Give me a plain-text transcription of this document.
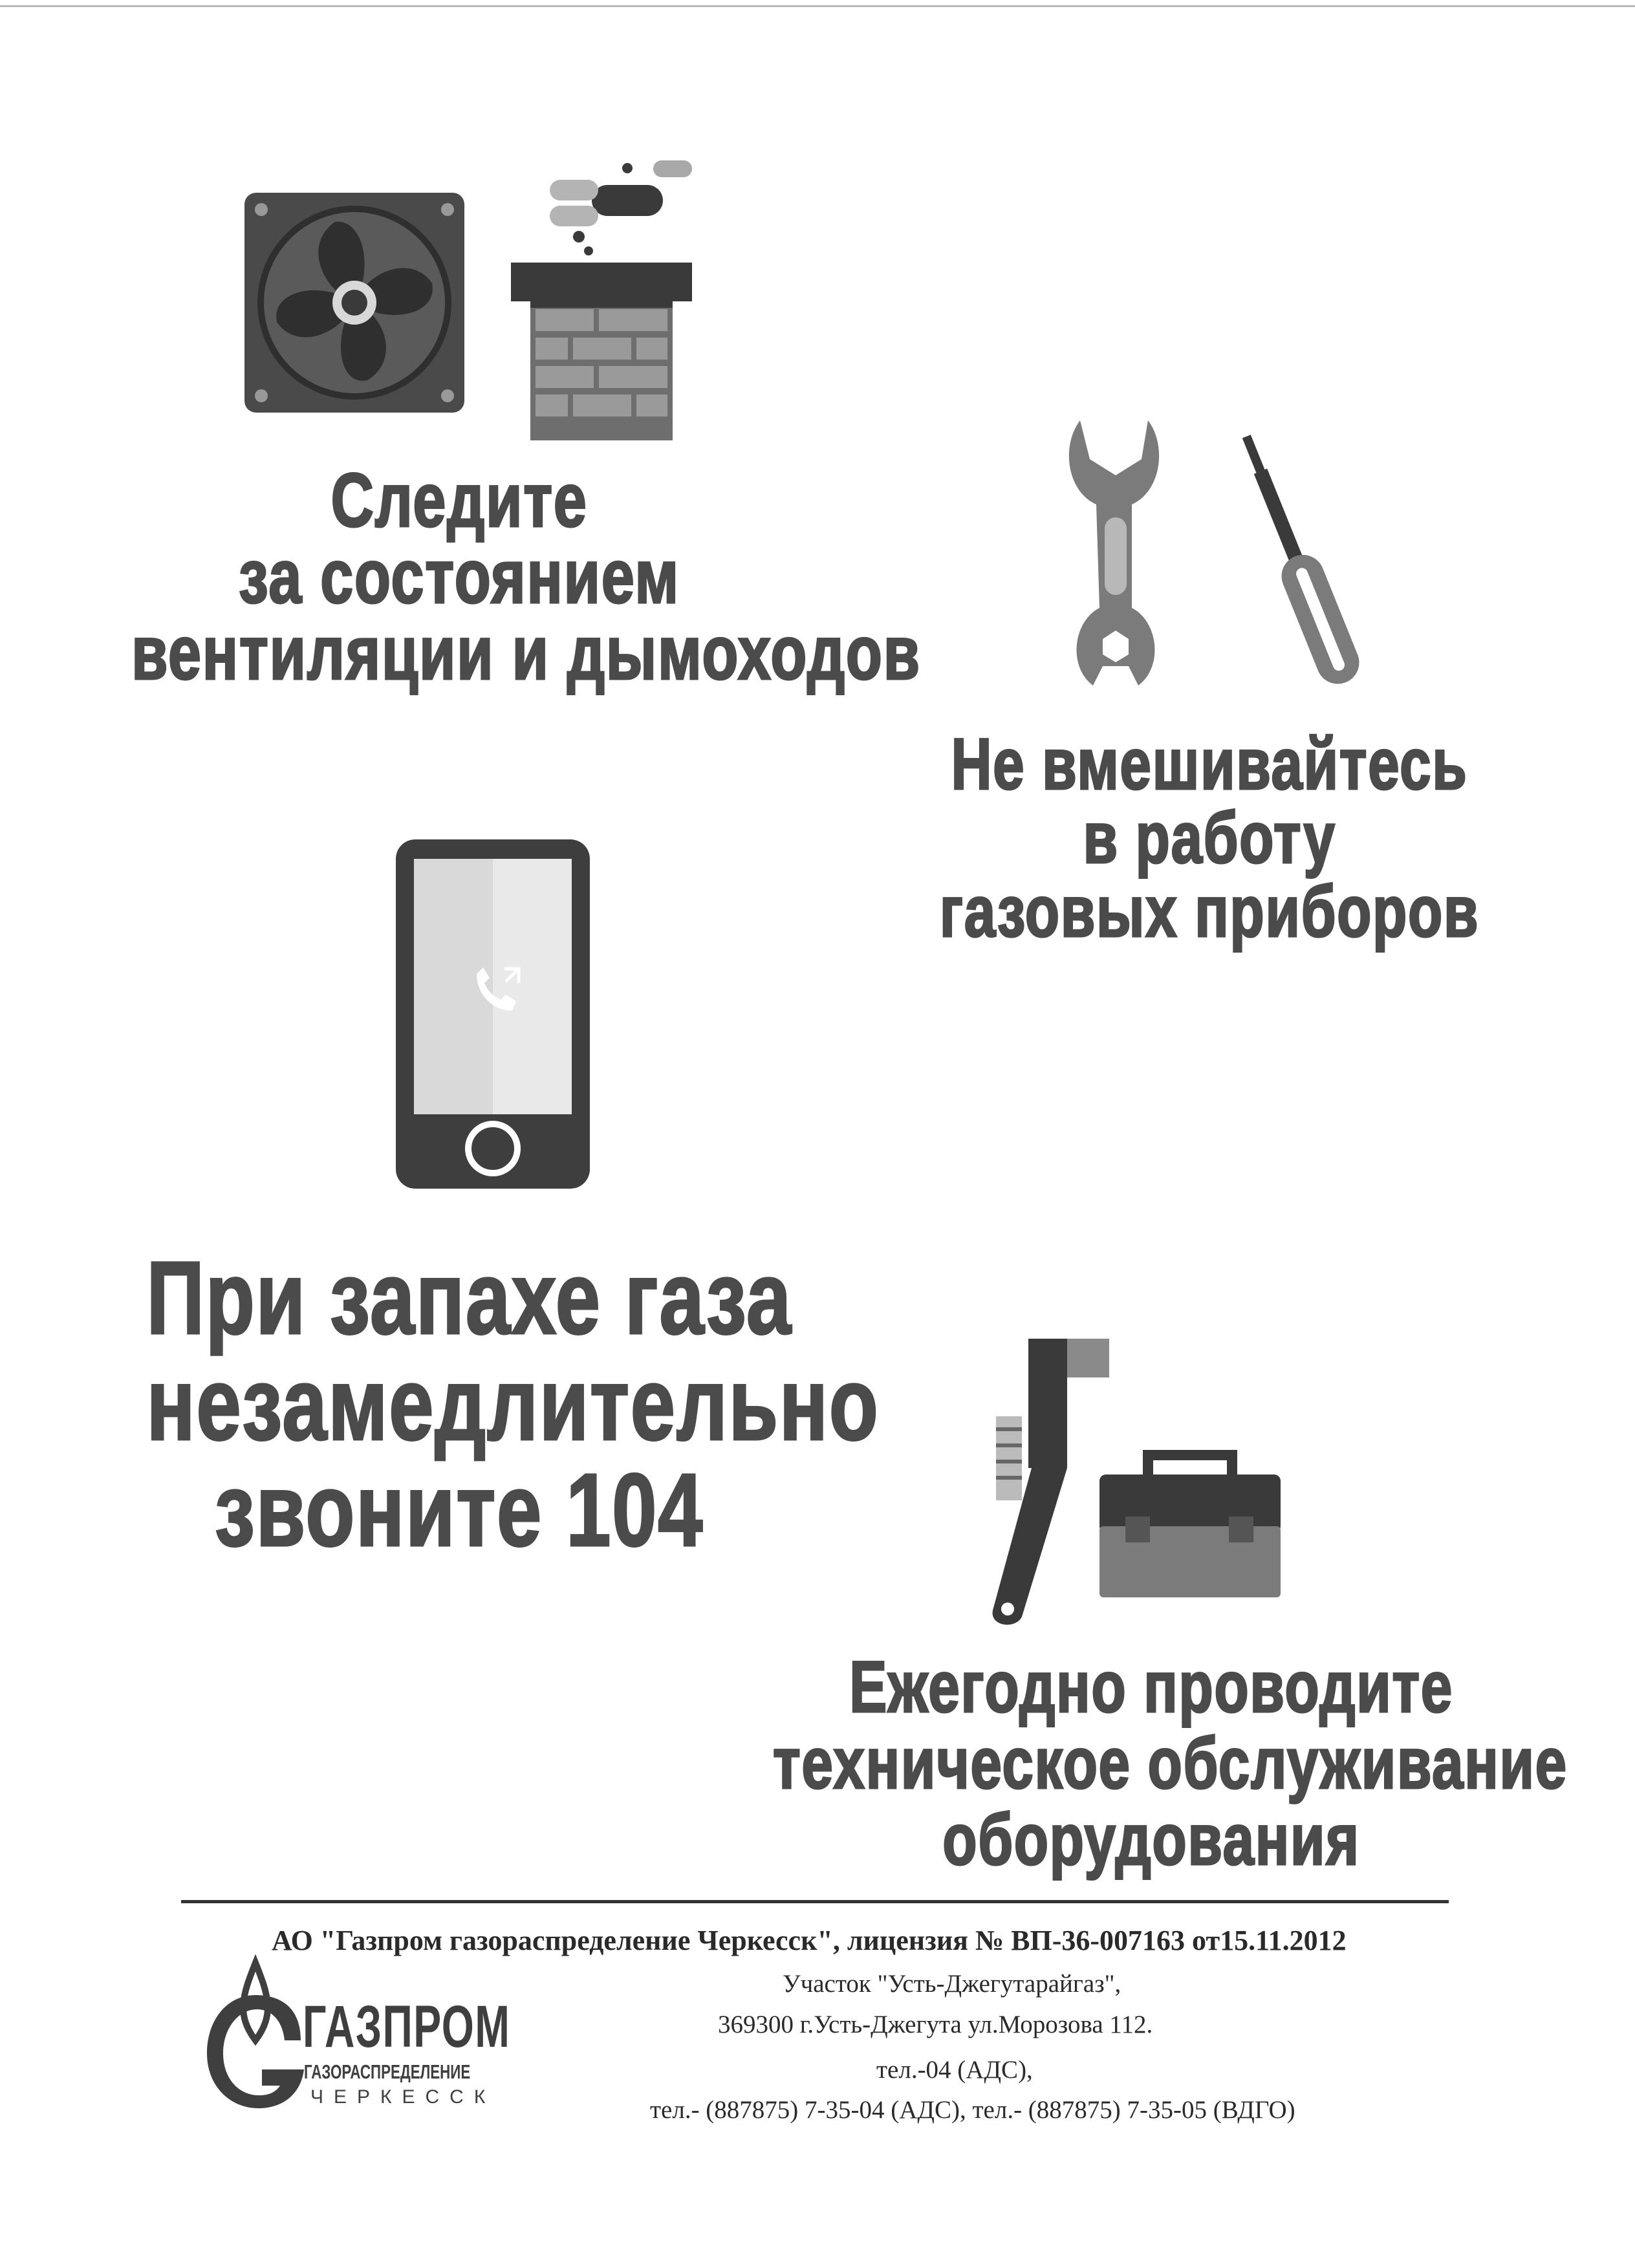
Следите
за состоянием
вентиляции и дымоходов
Не вмешивайтесь
в работу
газовых приборов
При запахе газа
незамедлительно
звоните 104
Ежегодно проводите
техническое обслуживание
оборудования
АО "Газпром газораспределение Черкесск", лицензия № ВП-36-007163 от15.11.2012
Участок "Усть-Джегутарайгаз",
369300 г.Усть-Джегута ул.Морозова 112.
тел.-04 (АДС),
тел.- (887875) 7-35-04 (АДС), тел.- (887875) 7-35-05 (ВДГО)
ГАЗПРОМ
ГАЗОРАСПРЕДЕЛЕНИЕ
ЧЕРКЕССК
